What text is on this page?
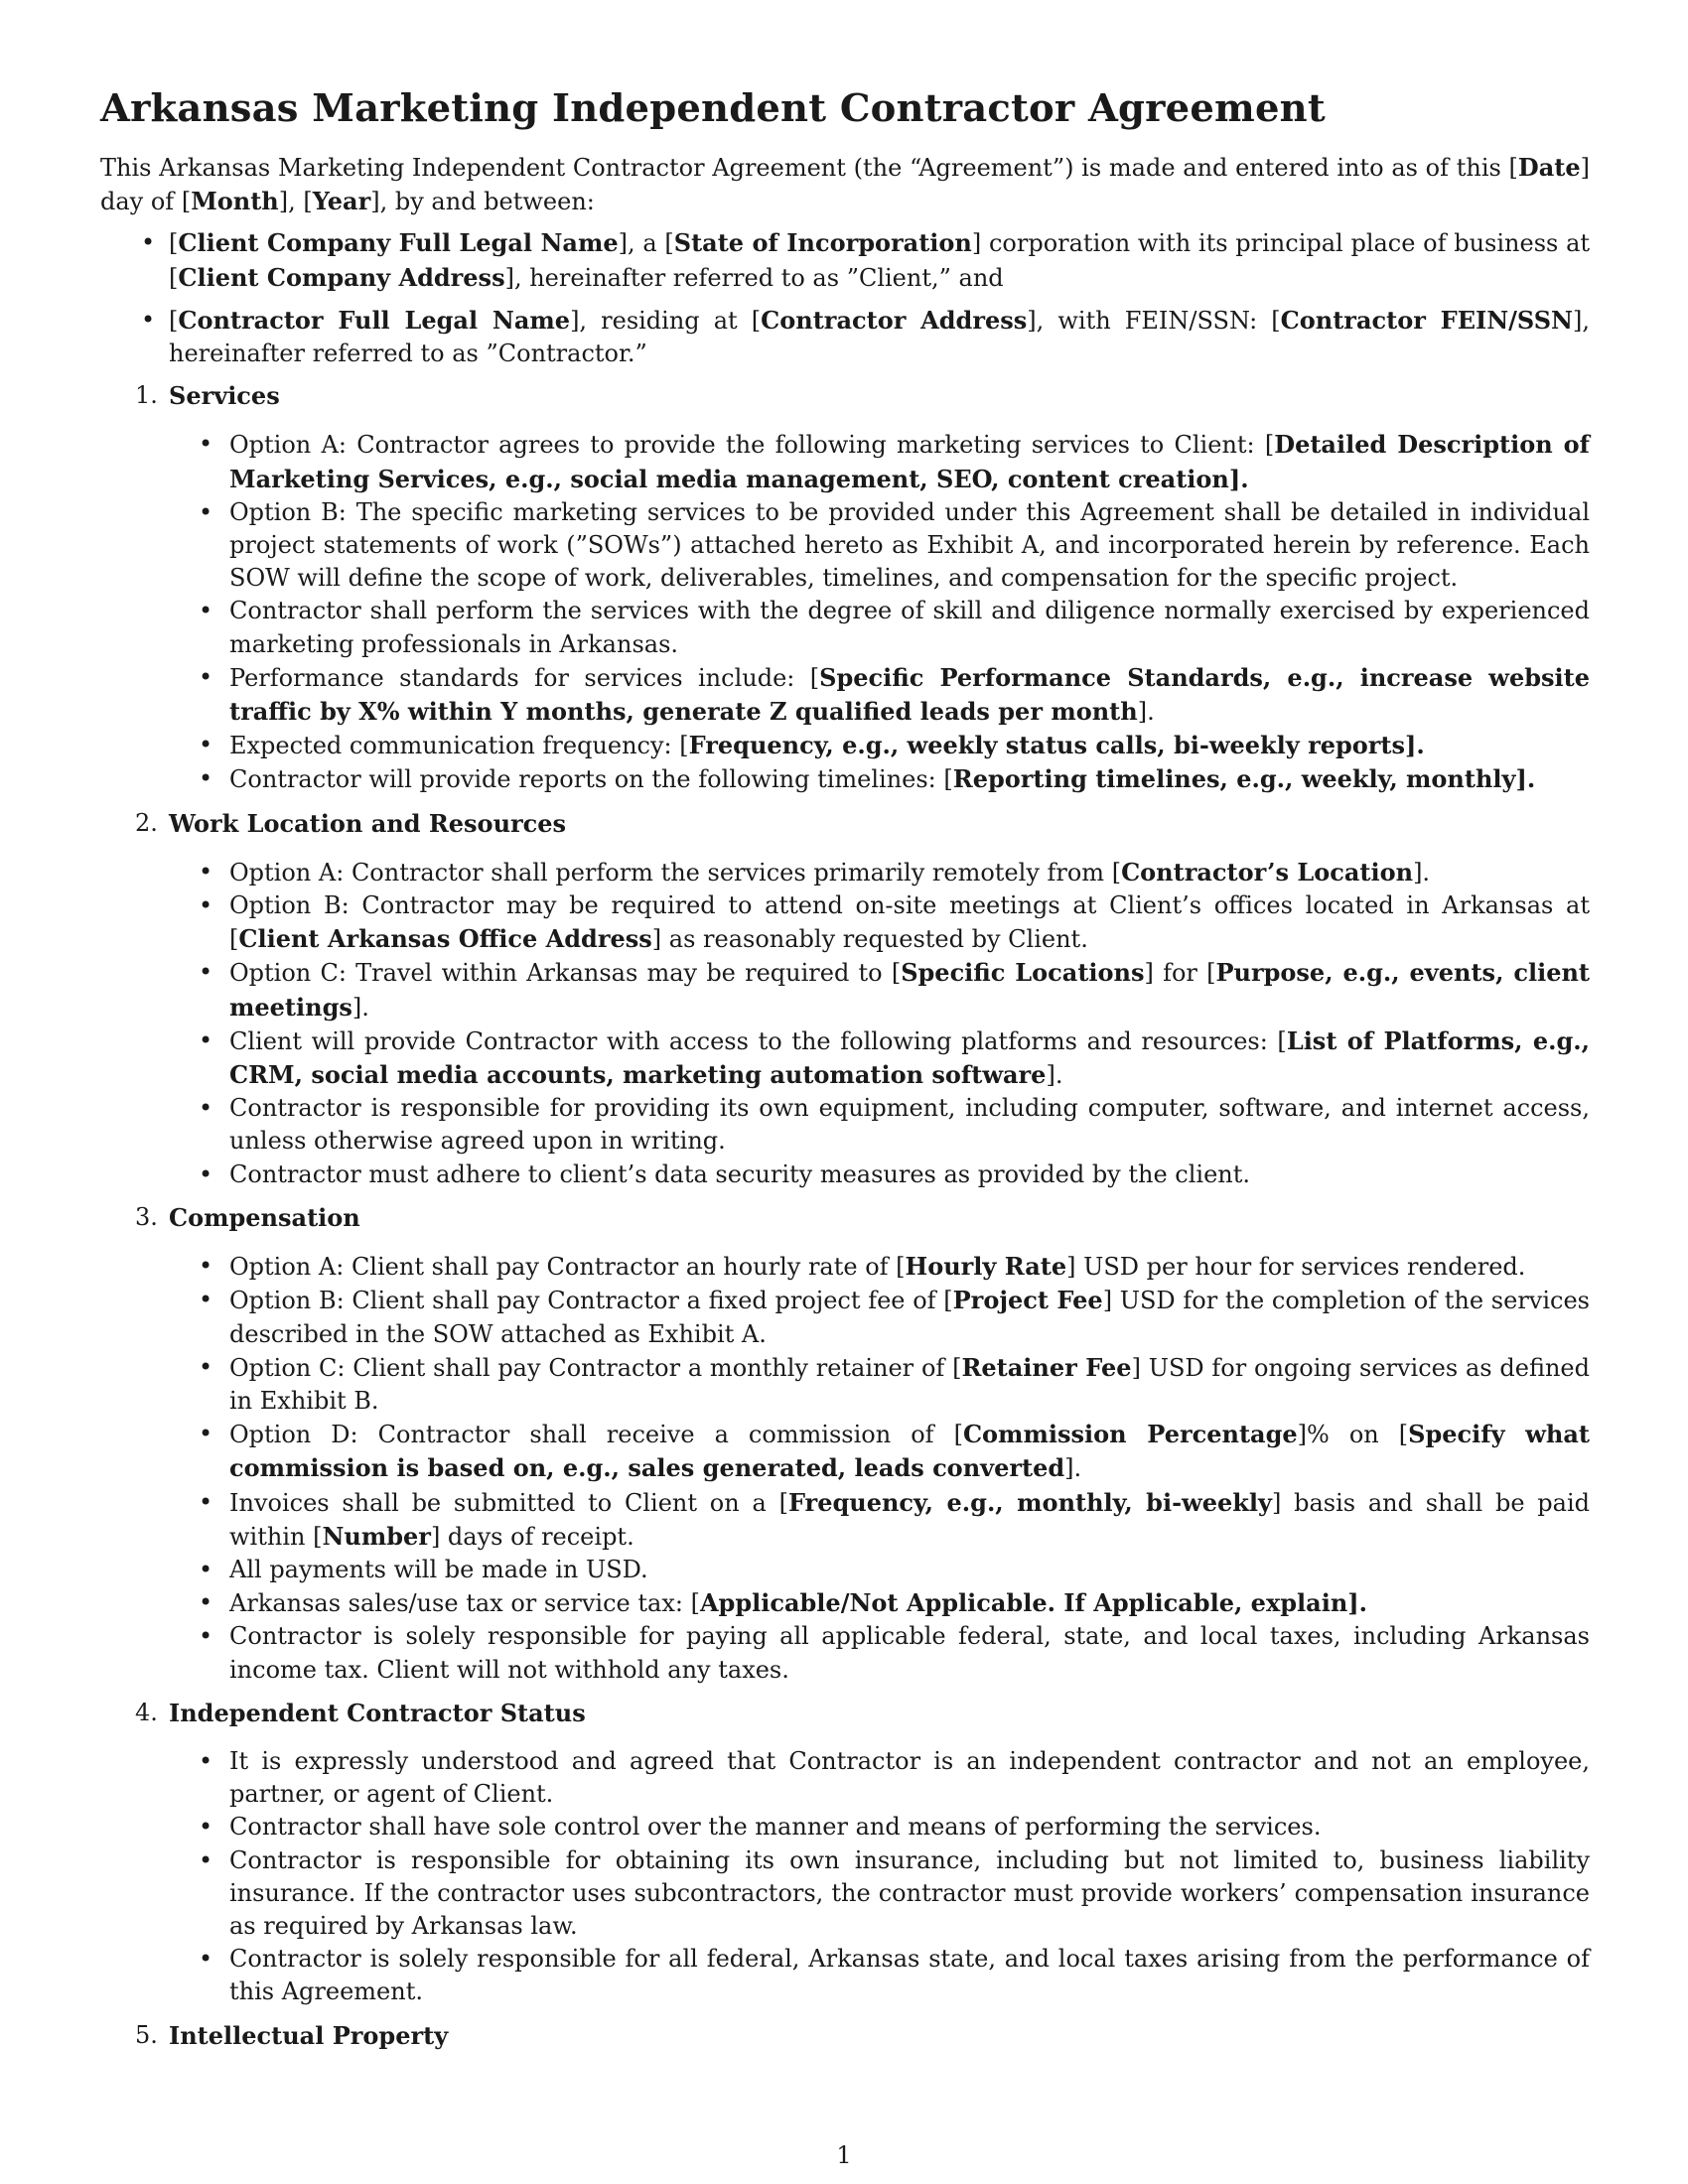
Arkansas Marketing Independent Contractor Agreement

This Arkansas Marketing Independent Contractor Agreement (the “Agreement”) is made and entered into as of this [Date] day of [Month], [Year], by and between:

• [Client Company Full Legal Name], a [State of Incorporation] corporation with its principal place of business at [Client Company Address], hereinafter referred to as ”Client,” and
• [Contractor Full Legal Name], residing at [Contractor Address], with FEIN/SSN: [Contractor FEIN/SSN], hereinafter referred to as ”Contractor.”
1. Services
• Option A: Contractor agrees to provide the following marketing services to Client: [Detailed Description of Marketing Services, e.g., social media management, SEO, content creation].
• Option B: The specific marketing services to be provided under this Agreement shall be detailed in individual project statements of work (”SOWs”) attached hereto as Exhibit A, and incorporated herein by reference. Each SOW will define the scope of work, deliverables, timelines, and compensation for the specific project.
• Contractor shall perform the services with the degree of skill and diligence normally exercised by experienced marketing professionals in Arkansas.
• Performance standards for services include: [Specific Performance Standards, e.g., increase website traffic by X% within Y months, generate Z qualified leads per month].
• Expected communication frequency: [Frequency, e.g., weekly status calls, bi-weekly reports].
• Contractor will provide reports on the following timelines: [Reporting timelines, e.g., weekly, monthly].
2. Work Location and Resources
• Option A: Contractor shall perform the services primarily remotely from [Contractor’s Location].
• Option B: Contractor may be required to attend on-site meetings at Client’s offices located in Arkansas at [Client Arkansas Office Address] as reasonably requested by Client.
• Option C: Travel within Arkansas may be required to [Specific Locations] for [Purpose, e.g., events, client meetings].
• Client will provide Contractor with access to the following platforms and resources: [List of Platforms, e.g., CRM, social media accounts, marketing automation software].
• Contractor is responsible for providing its own equipment, including computer, software, and internet access, unless otherwise agreed upon in writing.
• Contractor must adhere to client’s data security measures as provided by the client.
3. Compensation
• Option A: Client shall pay Contractor an hourly rate of [Hourly Rate] USD per hour for services rendered.
• Option B: Client shall pay Contractor a fixed project fee of [Project Fee] USD for the completion of the services described in the SOW attached as Exhibit A.
• Option C: Client shall pay Contractor a monthly retainer of [Retainer Fee] USD for ongoing services as defined in Exhibit B.
• Option D: Contractor shall receive a commission of [Commission Percentage]% on [Specify what commission is based on, e.g., sales generated, leads converted].
• Invoices shall be submitted to Client on a [Frequency, e.g., monthly, bi-weekly] basis and shall be paid within [Number] days of receipt.
• All payments will be made in USD.
• Arkansas sales/use tax or service tax: [Applicable/Not Applicable. If Applicable, explain].
• Contractor is solely responsible for paying all applicable federal, state, and local taxes, including Arkansas income tax. Client will not withhold any taxes.
4. Independent Contractor Status
• It is expressly understood and agreed that Contractor is an independent contractor and not an employee, partner, or agent of Client.
• Contractor shall have sole control over the manner and means of performing the services.
• Contractor is responsible for obtaining its own insurance, including but not limited to, business liability insurance. If the contractor uses subcontractors, the contractor must provide workers’ compensation insurance as required by Arkansas law.
• Contractor is solely responsible for all federal, Arkansas state, and local taxes arising from the performance of this Agreement.
5. Intellectual Property
1
